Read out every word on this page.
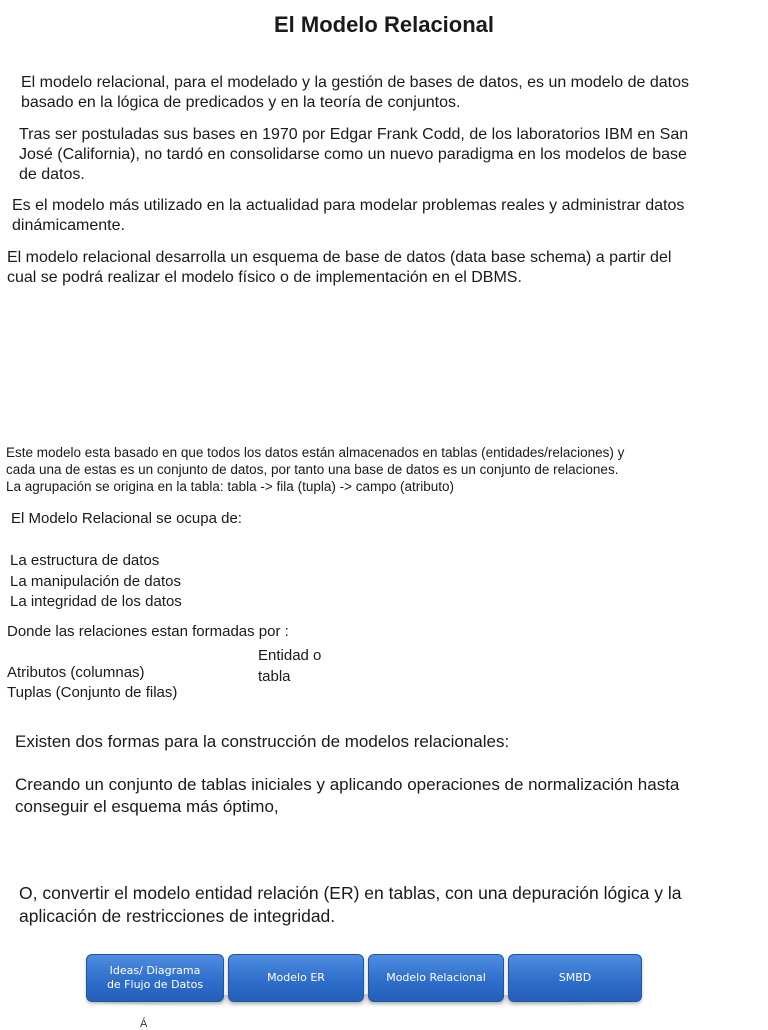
El Modelo Relacional

El modelo relacional, para el modelado y la gestión de bases de datos, es un modelo de datos
basado en la lógica de predicados y en la teoría de conjuntos.

Tras ser postuladas sus bases en 1970 por Edgar Frank Codd, de los laboratorios IBM en San
José (California), no tardó en consolidarse como un nuevo paradigma en los modelos de base
de datos.

Es el modelo más utilizado en la actualidad para modelar problemas reales y administrar datos
dinámicamente.

El modelo relacional desarrolla un esquema de base de datos (data base schema) a partir del
cual se podrá realizar el modelo físico o de implementación en el DBMS.

Este modelo esta basado en que todos los datos están almacenados en tablas (entidades/relaciones) y
cada una de estas es un conjunto de datos, por tanto una base de datos es un conjunto de relaciones.
La agrupación se origina en la tabla: tabla -> fila (tupla) -> campo (atributo)

El Modelo Relacional se ocupa de:

La estructura de datos
La manipulación de datos
La integridad de los datos

Donde las relaciones estan formadas por :

Entidad o
tabla

Atributos (columnas)
Tuplas (Conjunto de filas)

Existen dos formas para la construcción de modelos relacionales:

Creando un conjunto de tablas iniciales y aplicando operaciones de normalización hasta
conseguir el esquema más óptimo,

O, convertir el modelo entidad relación (ER) en tablas, con una depuración lógica y la
aplicación de restricciones de integridad.

Ideas/ Diagrama
de Flujo de Datos
Modelo ER	Modelo Relacional	SMBD
Á
